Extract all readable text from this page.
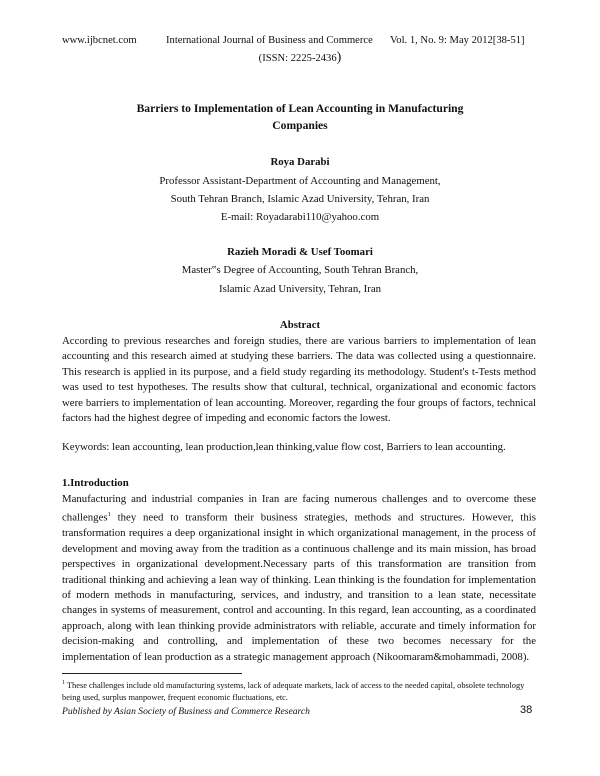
www.ijbcnet.com	International Journal of Business and Commerce Vol. 1, No. 9: May 2012[38-51]
(ISSN: 2225-2436)
Barriers to Implementation of Lean Accounting in Manufacturing
Companies
Roya Darabi
Professor Assistant-Department of Accounting and Management,
South Tehran Branch, Islamic Azad University, Tehran, Iran
E-mail: Royadarabi110@yahoo.com
Razieh Moradi & Usef Toomari
Master‟s Degree of Accounting, South Tehran Branch,
Islamic Azad University, Tehran, Iran
Abstract
According to previous researches and foreign studies, there are various barriers to implementation of lean accounting and this research aimed at studying these barriers. The data was collected using a questionnaire. This research is applied in its purpose, and a field study regarding its methodology. Student's t-Tests method was used to test hypotheses. The results show that cultural, technical, organizational and economic factors were barriers to implementation of lean accounting. Moreover, regarding the four groups of factors, technical factors had the highest degree of impeding and economic factors the lowest.
Keywords: lean accounting, lean production,lean thinking,value flow cost, Barriers to lean accounting.
1.Introduction
Manufacturing and industrial companies in Iran are facing numerous challenges and to overcome these challenges$^1$ they need to transform their business strategies, methods and structures. However, this transformation requires a deep organizational insight in which organizational management, in the process of development and moving away from the tradition as a continuous challenge and its main mission, has broad perspectives in organizational development.Necessary parts of this transformation are transition from traditional thinking and achieving a lean way of thinking. Lean thinking is the foundation for implementation of modern methods in manufacturing, services, and industry, and transition to a lean state, necessitate changes in systems of measurement, control and accounting. In this regard, lean accounting, as a coordinated approach, along with lean thinking provide administrators with reliable, accurate and timely information for decision-making and controlling, and implementation of these two becomes necessary for the implementation of lean production as a strategic management approach (Nikoomaram&mohammadi, 2008).
$^1$ These challenges include old manufacturing systems, lack of adequate markets, lack of access to the needed capital, obsolete technology being used, surplus manpower, frequent economic fluctuations, etc.
Published by Asian Society of Business and Commerce Research	38
